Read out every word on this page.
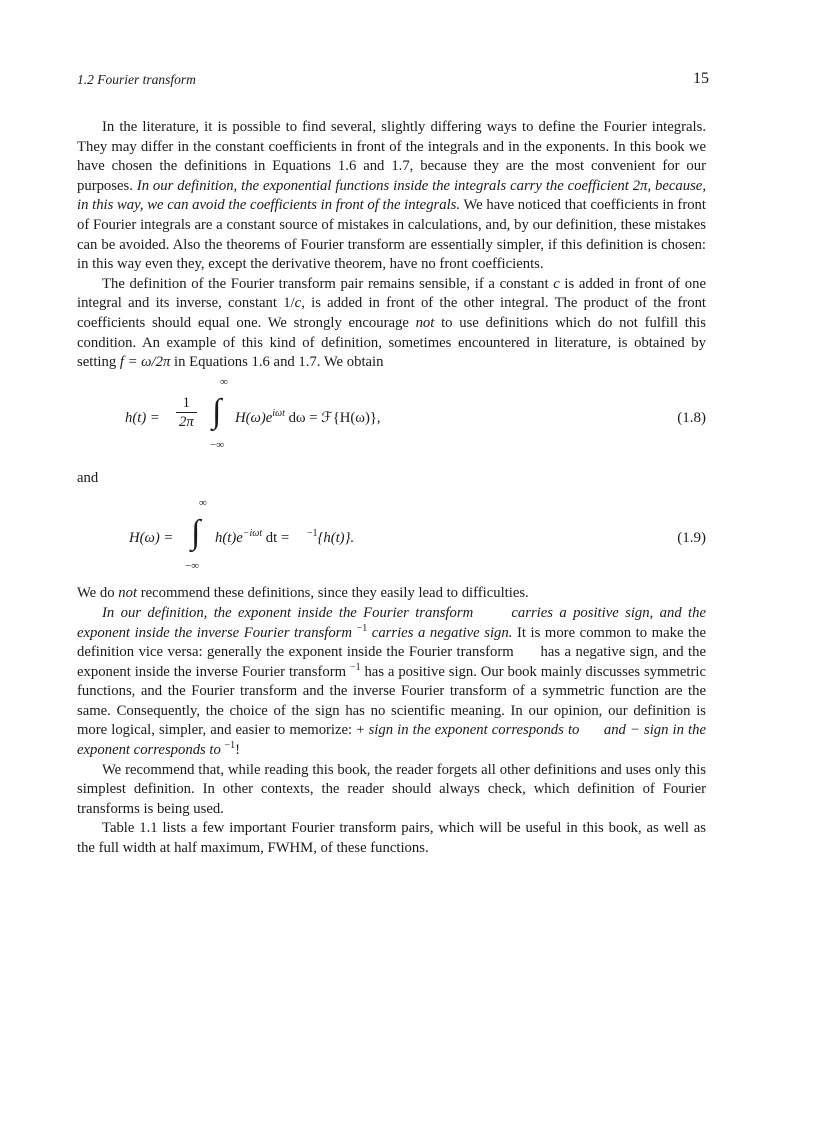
1.2 Fourier transform	15

In the literature, it is possible to find several, slightly differing ways to define the Fourier integrals. They may differ in the constant coefficients in front of the integrals and in the exponents. In this book we have chosen the definitions in Equations 1.6 and 1.7, because they are the most convenient for our purposes. In our definition, the exponential functions inside the integrals carry the coefficient 2π, because, in this way, we can avoid the coefficients in front of the integrals. We have noticed that coefficients in front of Fourier integrals are a constant source of mistakes in calculations, and, by our definition, these mistakes can be avoided. Also the theorems of Fourier transform are essentially simpler, if this definition is chosen: in this way even they, except the derivative theorem, have no front coefficients.

The definition of the Fourier transform pair remains sensible, if a constant c is added in front of one integral and its inverse, constant 1/c, is added in front of the other integral. The product of the front coefficients should equal one. We strongly encourage not to use definitions which do not fulfill this condition. An example of this kind of definition, sometimes encountered in literature, is obtained by setting f = ω/2π in Equations 1.6 and 1.7. We obtain

$h(t) = \frac{1}{2\pi}$
∞
∫
−∞
$H(\omega)e^{i\omega t}$ dω = ℱ{H(ω)},	(1.8)

and

H(ω) =
∞
∫
−∞
$h(t)e^{-i\omega t}$ dt = $^{-1}${h(t)}.	(1.9)

We do not recommend these definitions, since they easily lead to difficulties.

In our definition, the exponent inside the Fourier transform      carries a positive sign, and the exponent inside the inverse Fourier transform $^{-1}$ carries a negative sign. It is more common to make the definition vice versa: generally the exponent inside the Fourier transform      has a negative sign, and the exponent inside the inverse Fourier transform $^{-1}$ has a positive sign. Our book mainly discusses symmetric functions, and the Fourier transform and the inverse Fourier transform of a symmetric function are the same. Consequently, the choice of the sign has no scientific meaning. In our opinion, our definition is more logical, simpler, and easier to memorize: + sign in the exponent corresponds to      and − sign in the exponent corresponds to $^{-1}$!

We recommend that, while reading this book, the reader forgets all other definitions and uses only this simplest definition. In other contexts, the reader should always check, which definition of Fourier transforms is being used.

Table 1.1 lists a few important Fourier transform pairs, which will be useful in this book, as well as the full width at half maximum, FWHM, of these functions.
